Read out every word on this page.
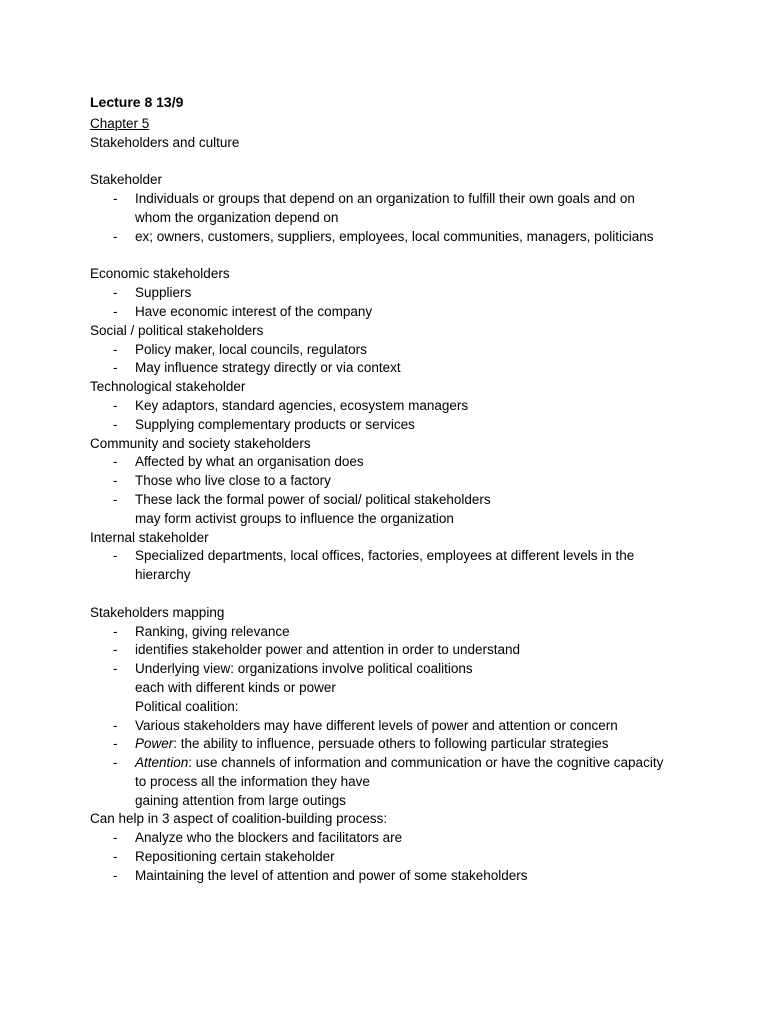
Lecture 8 13/9
Chapter 5
Stakeholders and culture
Stakeholder
- Individuals or groups that depend on an organization to fulfill their own goals and on
whom the organization depend on
- ex; owners, customers, suppliers, employees, local communities, managers, politicians
Economic stakeholders
- Suppliers
- Have economic interest of the company
Social / political stakeholders
- Policy maker, local councils, regulators
- May influence strategy directly or via context
Technological stakeholder
- Key adaptors, standard agencies, ecosystem managers
- Supplying complementary products or services
Community and society stakeholders
- Affected by what an organisation does
- Those who live close to a factory
- These lack the formal power of social/ political stakeholders
may form activist groups to influence the organization
Internal stakeholder
- Specialized departments, local offices, factories, employees at different levels in the
hierarchy
Stakeholders mapping
- Ranking, giving relevance
- identifies stakeholder power and attention in order to understand
- Underlying view: organizations involve political coalitions
each with different kinds or power
Political coalition:
- Various stakeholders may have different levels of power and attention or concern
- Power: the ability to influence, persuade others to following particular strategies
- Attention: use channels of information and communication or have the cognitive capacity
to process all the information they have
gaining attention from large outings
Can help in 3 aspect of coalition-building process:
- Analyze who the blockers and facilitators are
- Repositioning certain stakeholder
- Maintaining the level of attention and power of some stakeholders
